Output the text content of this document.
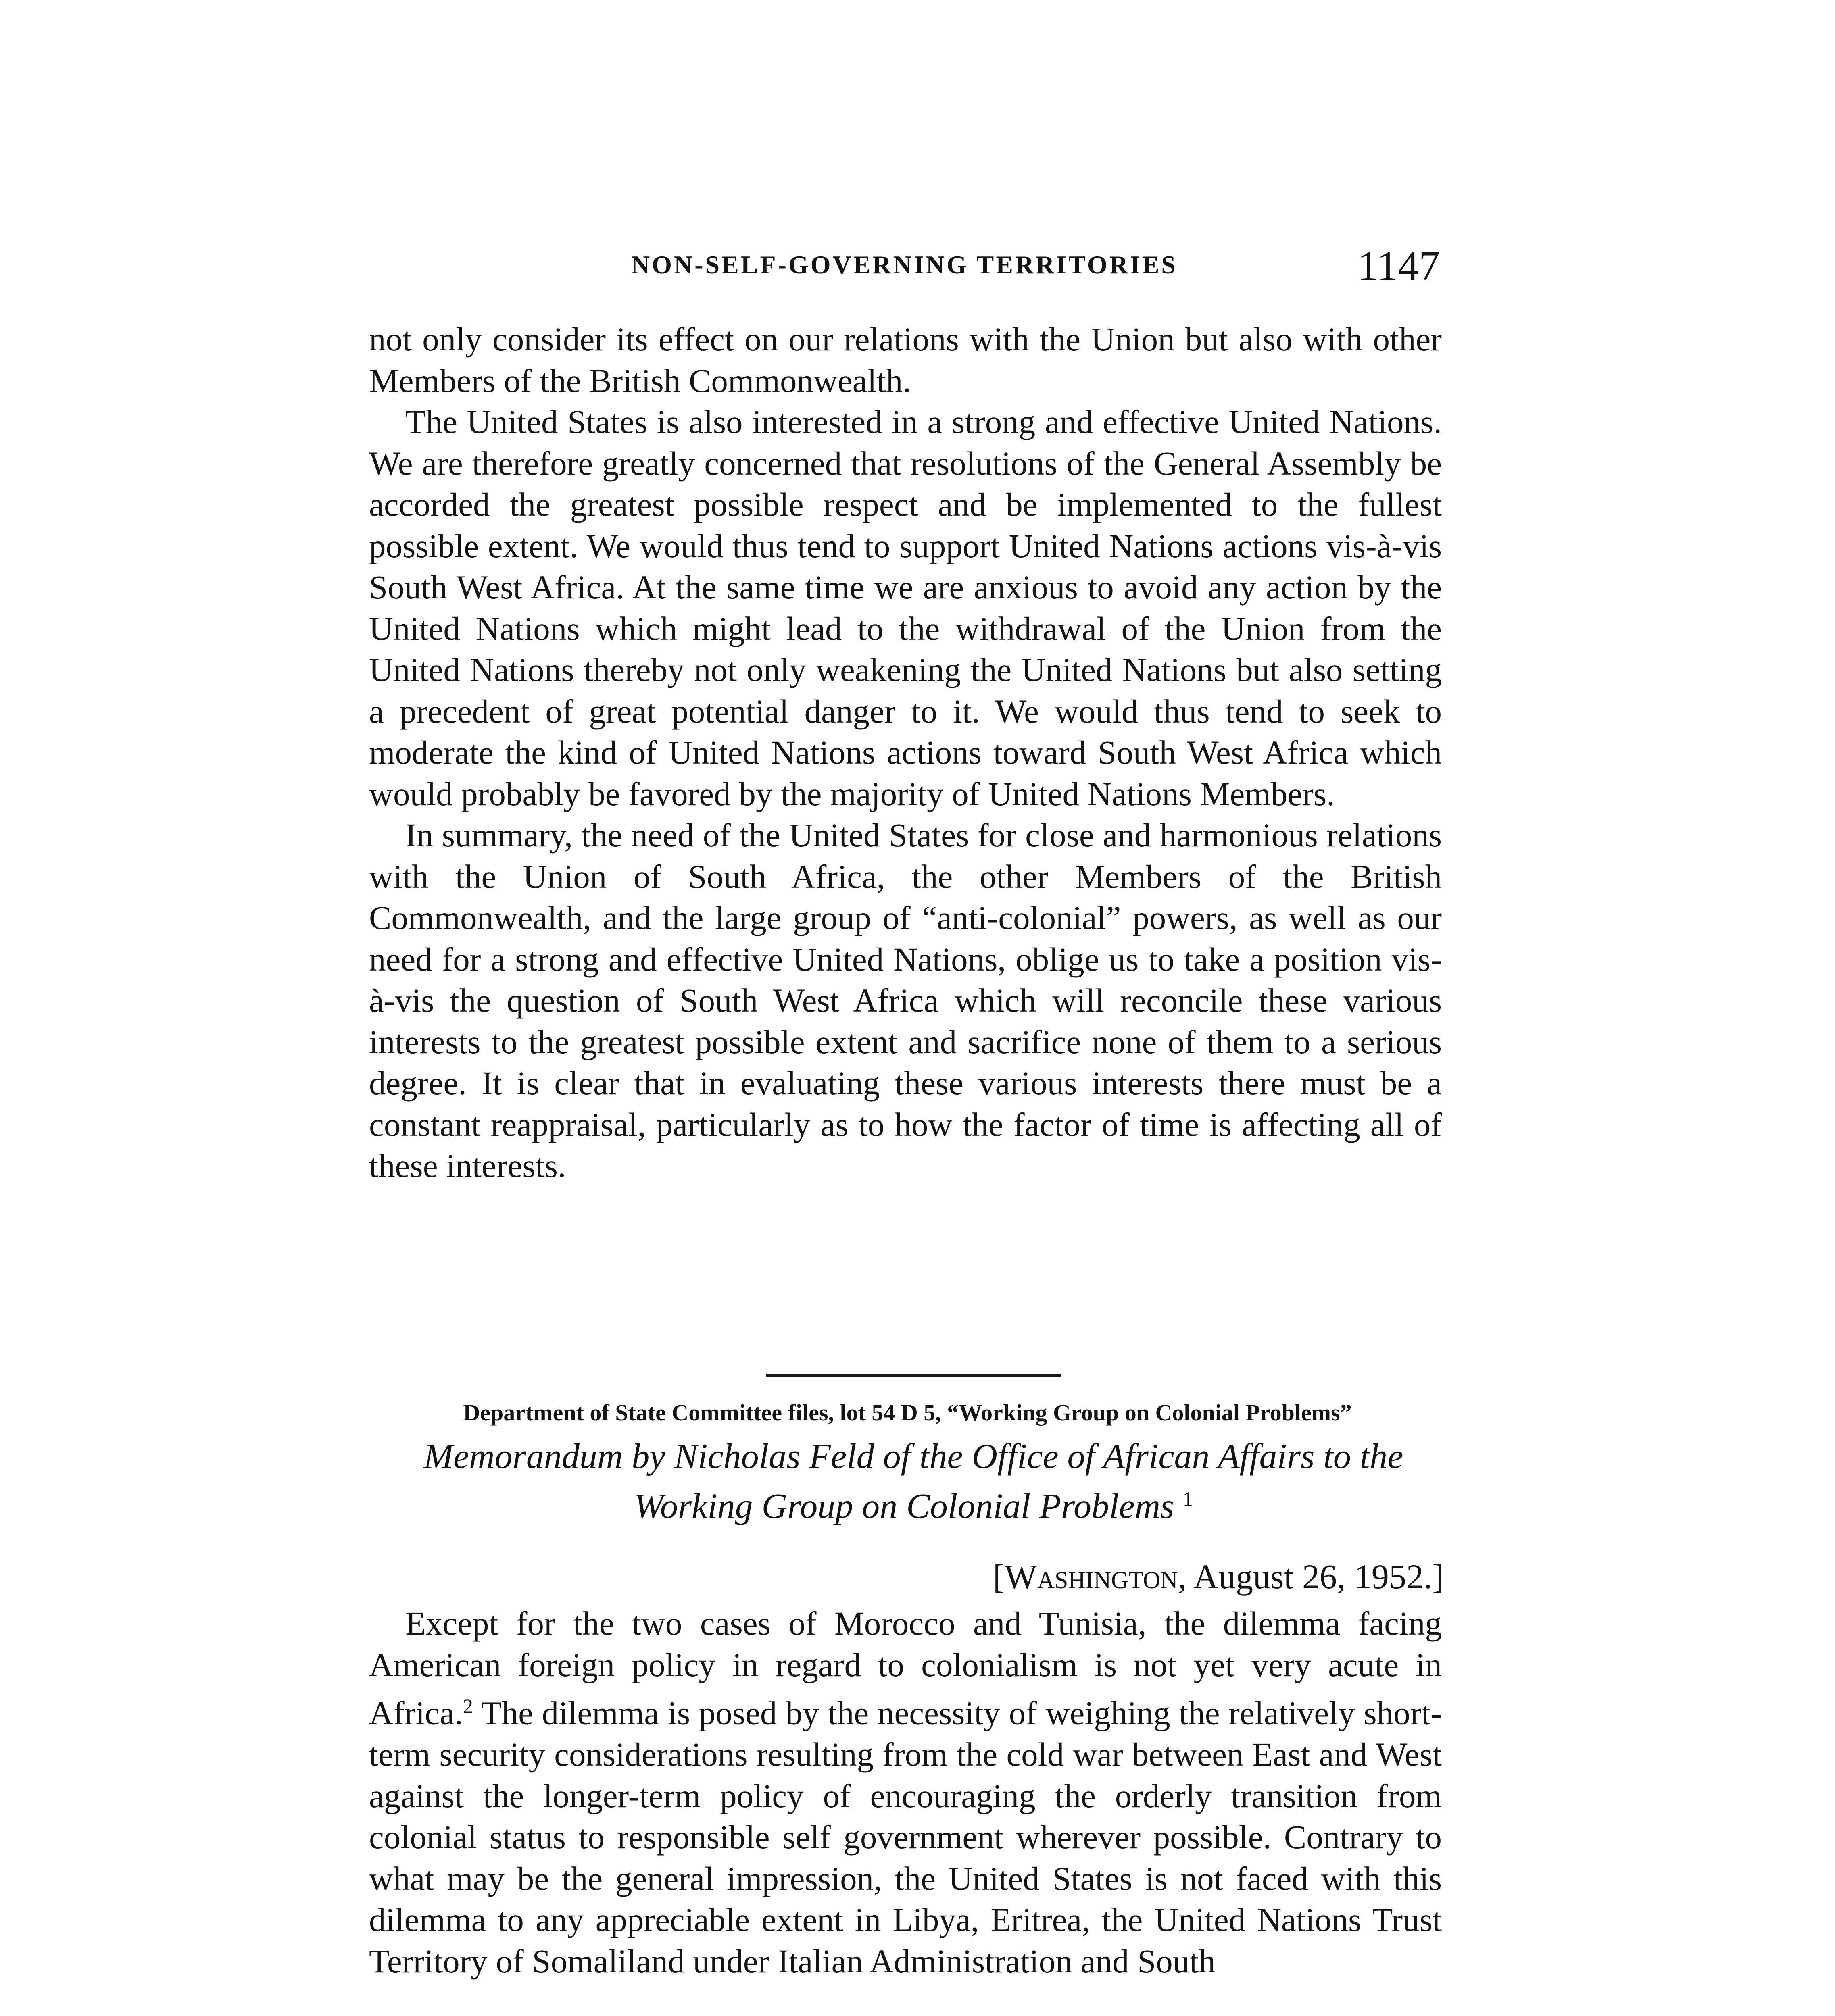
NON-SELF-GOVERNING TERRITORIES	1147

not only consider its effect on our relations with the Union but also with other Members of the British Commonwealth.

The United States is also interested in a strong and effective United Nations. We are therefore greatly concerned that resolutions of the General Assembly be accorded the greatest possible respect and be implemented to the fullest possible extent. We would thus tend to support United Nations actions vis-à-vis South West Africa. At the same time we are anxious to avoid any action by the United Nations which might lead to the withdrawal of the Union from the United Nations thereby not only weakening the United Nations but also setting a precedent of great potential danger to it. We would thus tend to seek to moderate the kind of United Nations actions toward South West Africa which would probably be favored by the majority of United Nations Members.

In summary, the need of the United States for close and harmonious relations with the Union of South Africa, the other Members of the British Commonwealth, and the large group of “anti-colonial” powers, as well as our need for a strong and effective United Nations, oblige us to take a position vis-à-vis the question of South West Africa which will reconcile these various interests to the greatest possible extent and sacrifice none of them to a serious degree. It is clear that in evaluating these various interests there must be a constant reappraisal, particularly as to how the factor of time is affecting all of these interests.

Department of State Committee files, lot 54 D 5, “Working Group on Colonial Problems”
Memorandum by Nicholas Feld of the Office of African Affairs to the
Working Group on Colonial Problems $^1$
[Washington, August 26, 1952.]

Except for the two cases of Morocco and Tunisia, the dilemma facing American foreign policy in regard to colonialism is not yet very acute in Africa.$^2$ The dilemma is posed by the necessity of weighing the relatively short-term security considerations resulting from the cold war between East and West against the longer-term policy of encouraging the orderly transition from colonial status to responsible self government wherever possible. Contrary to what may be the general impression, the United States is not faced with this dilemma to any appreciable extent in Libya, Eritrea, the United Nations Trust Territory of Somaliland under Italian Administration and South
